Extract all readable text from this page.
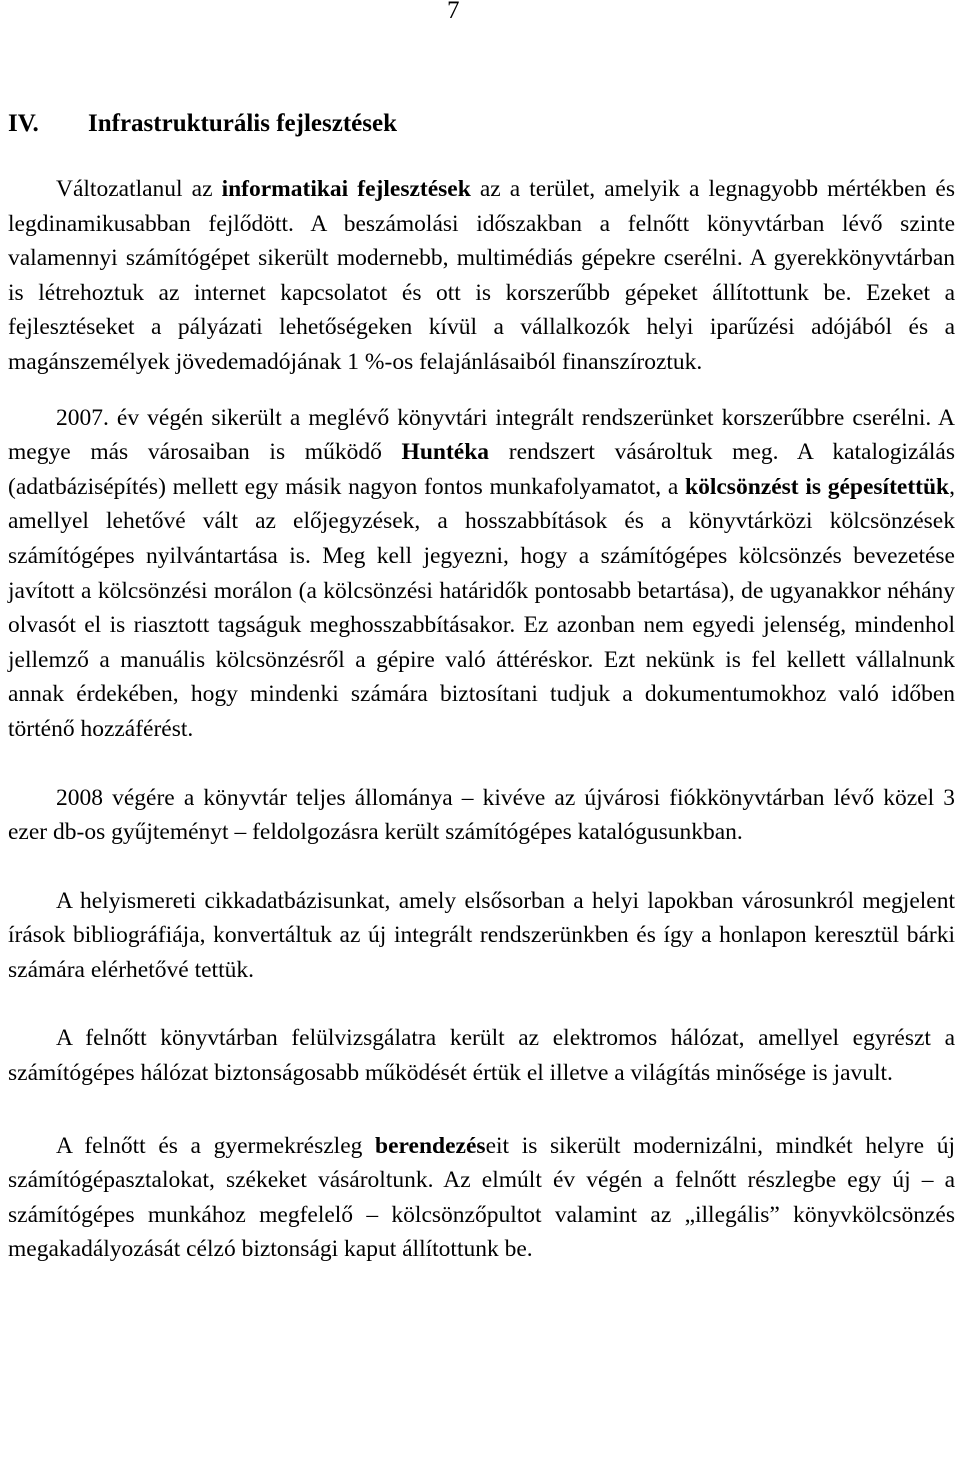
7
IV. Infrastrukturális fejlesztések

Változatlanul az informatikai fejlesztések az a terület, amelyik a legnagyobb mértékben és legdinamikusabban fejlődött. A beszámolási időszakban a felnőtt könyvtárban lévő szinte valamennyi számítógépet sikerült modernebb, multimédiás gépekre cserélni. A gyerekkönyvtárban is létrehoztuk az internet kapcsolatot és ott is korszerűbb gépeket állítottunk be. Ezeket a fejlesztéseket a pályázati lehetőségeken kívül a vállalkozók helyi iparűzési adójából és a magánszemélyek jövedemadójának 1 %-os felajánlásaiból finanszíroztuk.

2007. év végén sikerült a meglévő könyvtári integrált rendszerünket korszerűbbre cserélni. A megye más városaiban is működő Huntéka rendszert vásároltuk meg. A katalogizálás (adatbázisépítés) mellett egy másik nagyon fontos munkafolyamatot, a kölcsönzést is gépesítettük, amellyel lehetővé vált az előjegyzések, a hosszabbítások és a könyvtárközi kölcsönzések számítógépes nyilvántartása is. Meg kell jegyezni, hogy a számítógépes kölcsönzés bevezetése javított a kölcsönzési morálon (a kölcsönzési határidők pontosabb betartása), de ugyanakkor néhány olvasót el is riasztott tagságuk meghosszabbításakor. Ez azonban nem egyedi jelenség, mindenhol jellemző a manuális kölcsönzésről a gépire való áttéréskor. Ezt nekünk is fel kellett vállalnunk annak érdekében, hogy mindenki számára biztosítani tudjuk a dokumentumokhoz való időben történő hozzáférést.

2008 végére a könyvtár teljes állománya – kivéve az újvárosi fiókkönyvtárban lévő közel 3 ezer db-os gyűjteményt – feldolgozásra került számítógépes katalógusunkban.

A helyismereti cikkadatbázisunkat, amely elsősorban a helyi lapokban városunkról megjelent írások bibliográfiája, konvertáltuk az új integrált rendszerünkben és így a honlapon keresztül bárki számára elérhetővé tettük.

A felnőtt könyvtárban felülvizsgálatra került az elektromos hálózat, amellyel egyrészt a számítógépes hálózat biztonságosabb működését értük el illetve a világítás minősége is javult.

A felnőtt és a gyermekrészleg berendezéseit is sikerült modernizálni, mindkét helyre új számítógépasztalokat, székeket vásároltunk. Az elmúlt év végén a felnőtt részlegbe egy új – a számítógépes munkához megfelelő – kölcsönzőpultot valamint az „illegális” könyvkölcsönzés megakadályozását célzó biztonsági kaput állítottunk be.
